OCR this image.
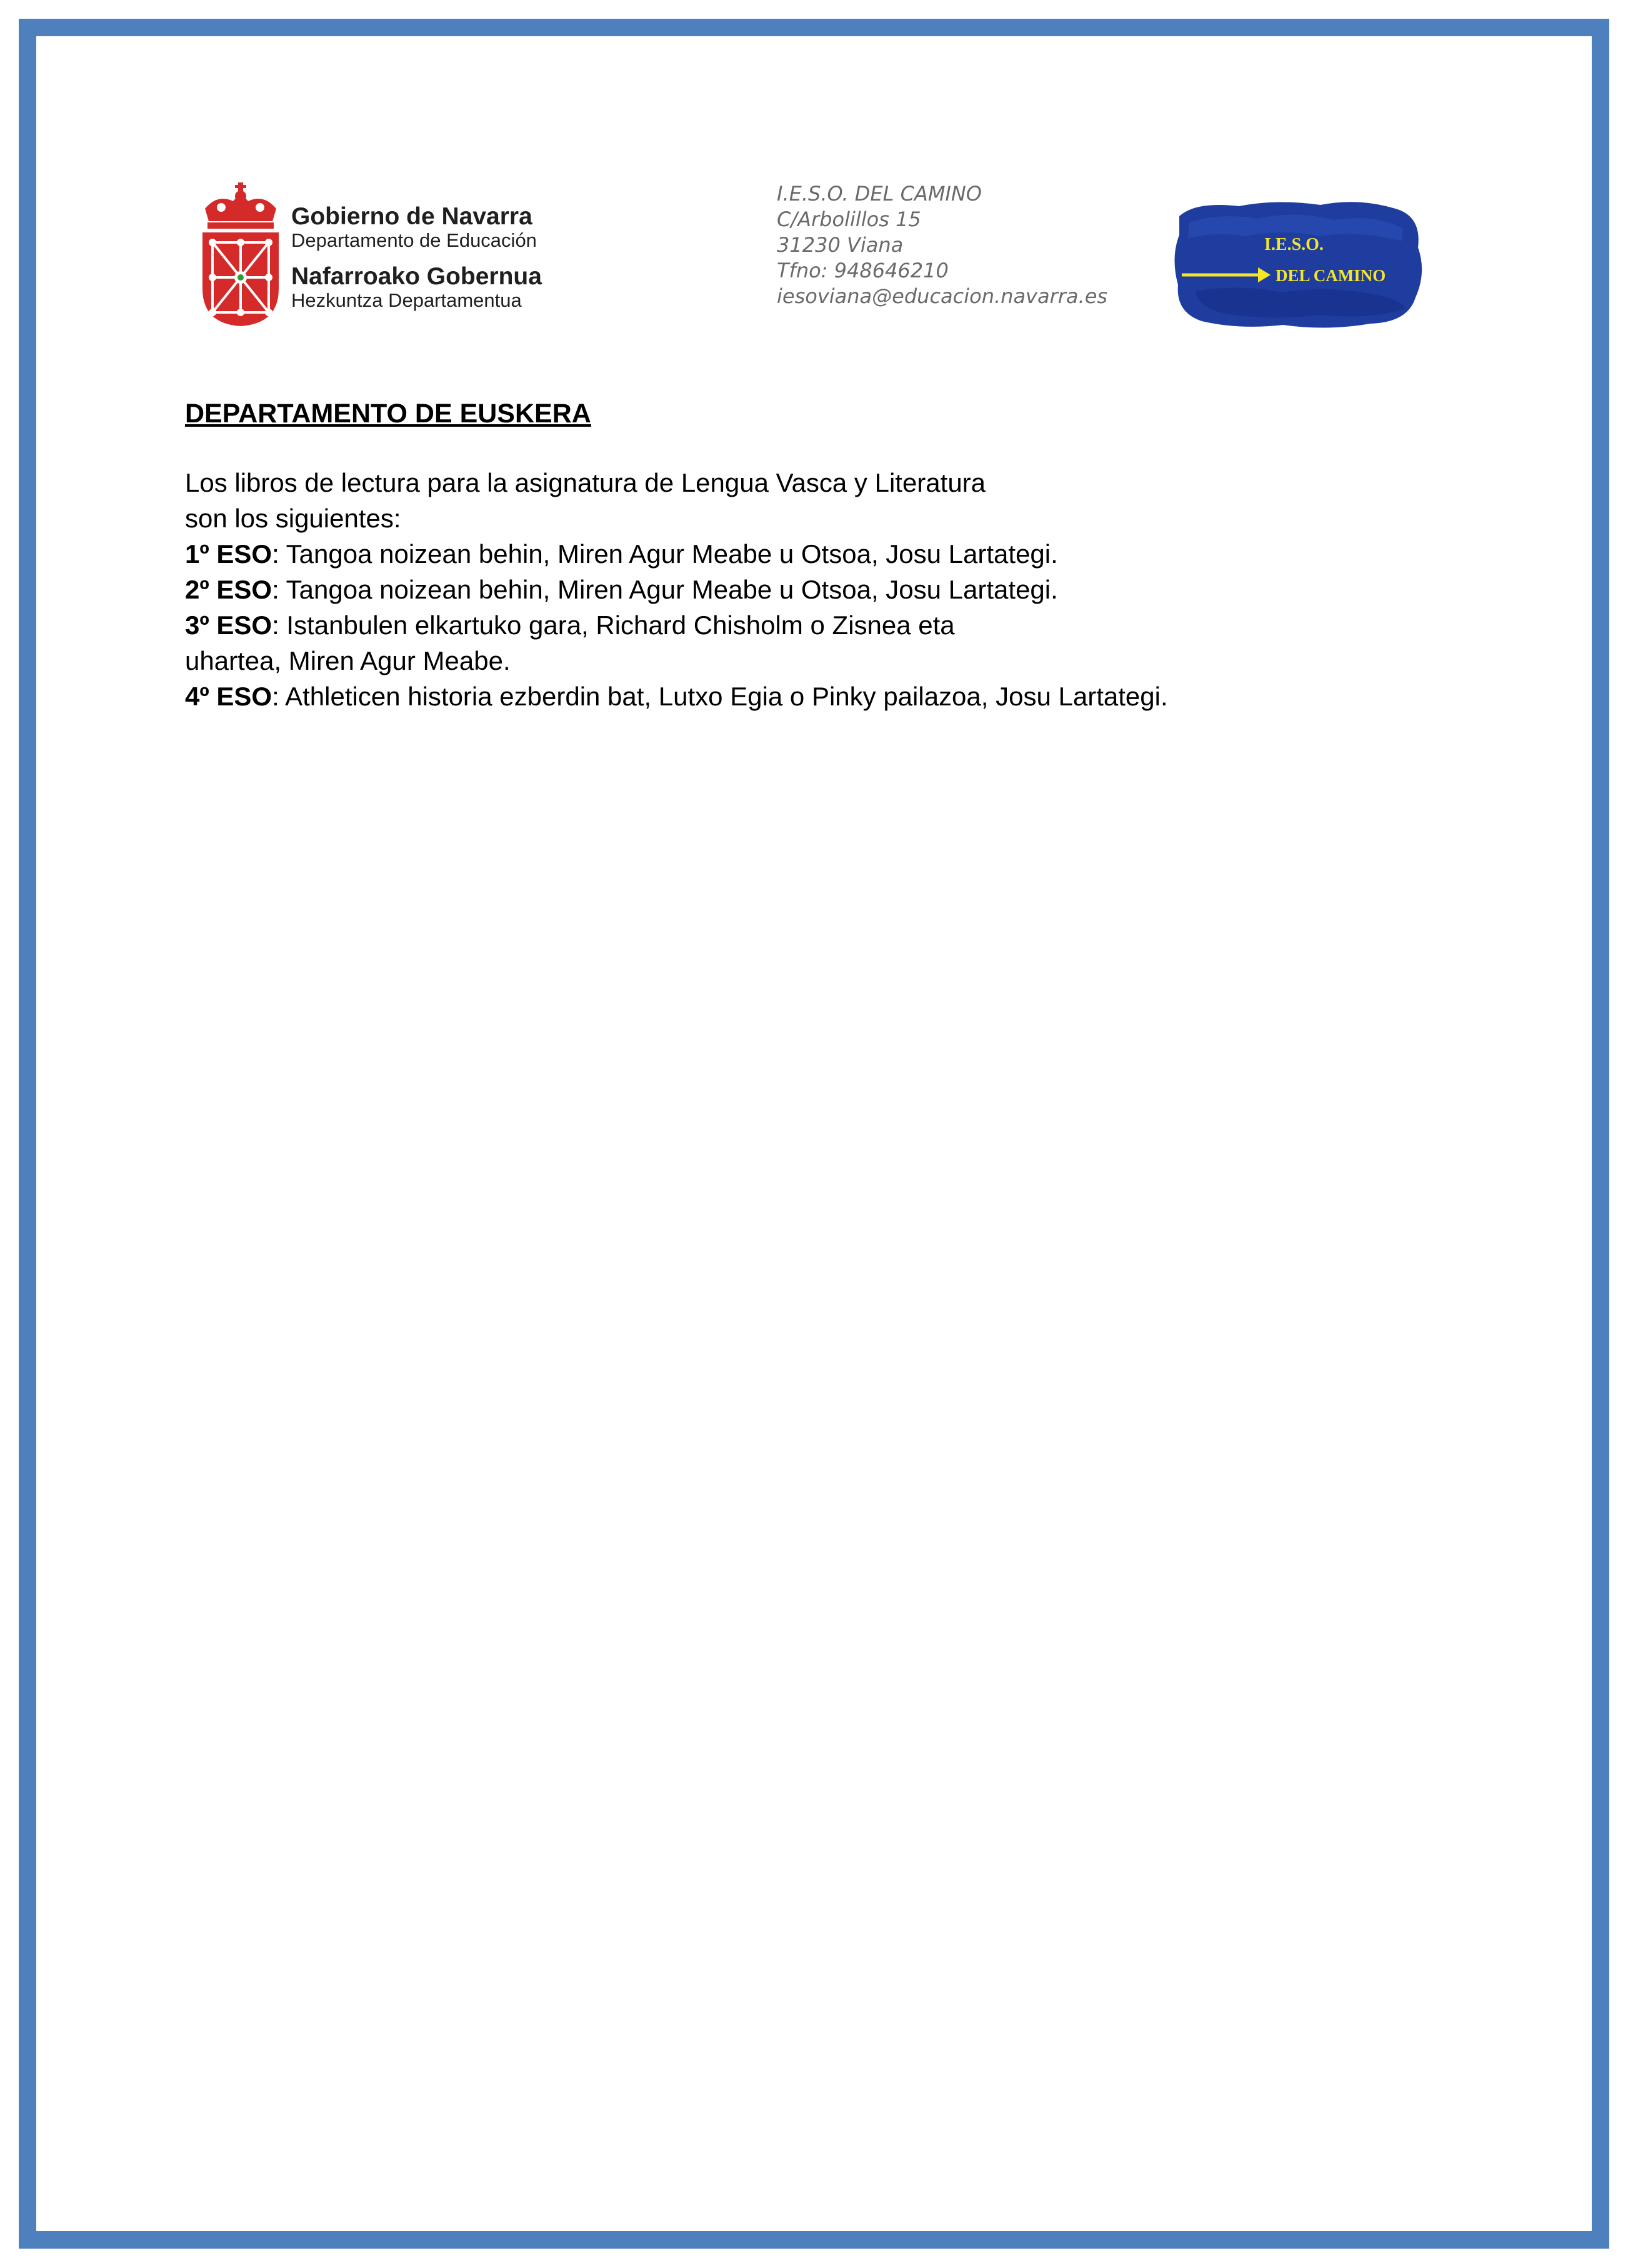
Gobierno de Navarra
Departamento de Educación
Nafarroako Gobernua
Hezkuntza Departamentua
I.E.S.O. DEL CAMINO
C/Arbolillos 15
31230 Viana
Tfno: 948646210
iesoviana@educacion.navarra.es
I.E.S.O.
DEL CAMINO
DEPARTAMENTO DE EUSKERA
Los libros de lectura para la asignatura de Lengua Vasca y Literatura
son los siguientes:
1º ESO: Tangoa noizean behin, Miren Agur Meabe u Otsoa, Josu Lartategi.
2º ESO: Tangoa noizean behin, Miren Agur Meabe u Otsoa, Josu Lartategi.
3º ESO: Istanbulen elkartuko gara, Richard Chisholm o Zisnea eta
uhartea, Miren Agur Meabe.
4º ESO: Athleticen historia ezberdin bat, Lutxo Egia o Pinky pailazoa, Josu Lartategi.
